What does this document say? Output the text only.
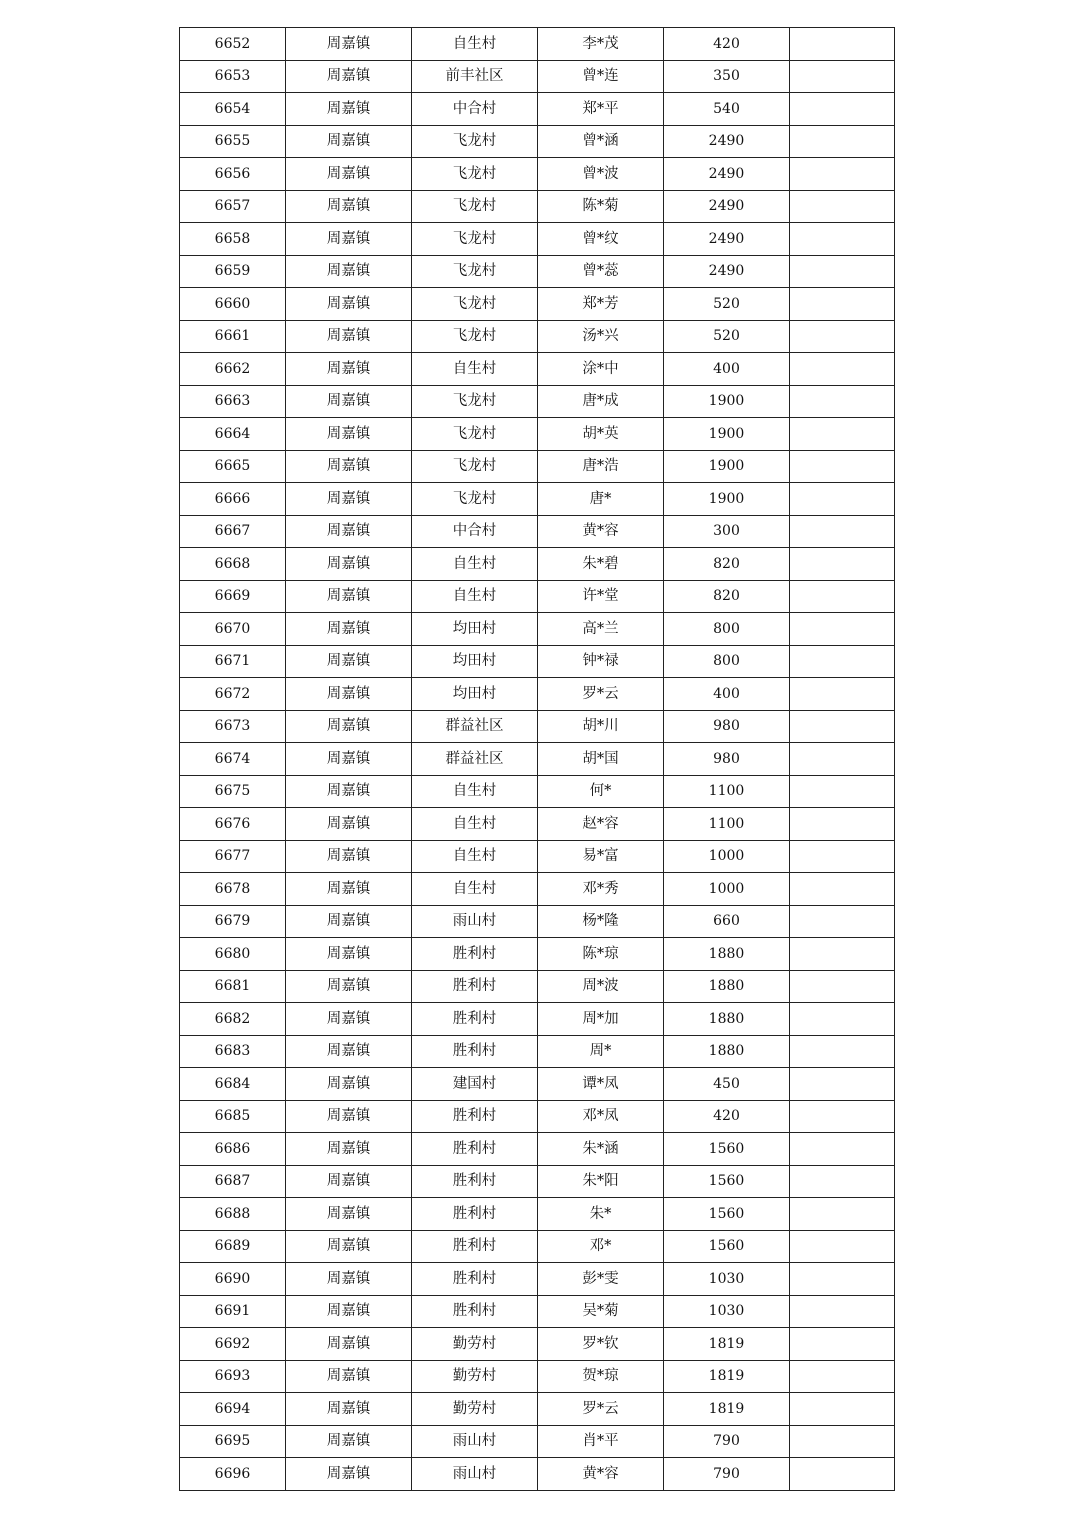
6652	周嘉镇	自生村	李*茂	420	
6653	周嘉镇	前丰社区	曾*连	350	
6654	周嘉镇	中合村	郑*平	540	
6655	周嘉镇	飞龙村	曾*涵	2490	
6656	周嘉镇	飞龙村	曾*波	2490	
6657	周嘉镇	飞龙村	陈*菊	2490	
6658	周嘉镇	飞龙村	曾*纹	2490	
6659	周嘉镇	飞龙村	曾*蕊	2490	
6660	周嘉镇	飞龙村	郑*芳	520	
6661	周嘉镇	飞龙村	汤*兴	520	
6662	周嘉镇	自生村	涂*中	400	
6663	周嘉镇	飞龙村	唐*成	1900	
6664	周嘉镇	飞龙村	胡*英	1900	
6665	周嘉镇	飞龙村	唐*浩	1900	
6666	周嘉镇	飞龙村	唐*	1900	
6667	周嘉镇	中合村	黄*容	300	
6668	周嘉镇	自生村	朱*碧	820	
6669	周嘉镇	自生村	许*堂	820	
6670	周嘉镇	均田村	高*兰	800	
6671	周嘉镇	均田村	钟*禄	800	
6672	周嘉镇	均田村	罗*云	400	
6673	周嘉镇	群益社区	胡*川	980	
6674	周嘉镇	群益社区	胡*国	980	
6675	周嘉镇	自生村	何*	1100	
6676	周嘉镇	自生村	赵*容	1100	
6677	周嘉镇	自生村	易*富	1000	
6678	周嘉镇	自生村	邓*秀	1000	
6679	周嘉镇	雨山村	杨*隆	660	
6680	周嘉镇	胜利村	陈*琼	1880	
6681	周嘉镇	胜利村	周*波	1880	
6682	周嘉镇	胜利村	周*加	1880	
6683	周嘉镇	胜利村	周*	1880	
6684	周嘉镇	建国村	谭*凤	450	
6685	周嘉镇	胜利村	邓*凤	420	
6686	周嘉镇	胜利村	朱*涵	1560	
6687	周嘉镇	胜利村	朱*阳	1560	
6688	周嘉镇	胜利村	朱*	1560	
6689	周嘉镇	胜利村	邓*	1560	
6690	周嘉镇	胜利村	彭*雯	1030	
6691	周嘉镇	胜利村	吴*菊	1030	
6692	周嘉镇	勤劳村	罗*钦	1819	
6693	周嘉镇	勤劳村	贺*琼	1819	
6694	周嘉镇	勤劳村	罗*云	1819	
6695	周嘉镇	雨山村	肖*平	790	
6696	周嘉镇	雨山村	黄*容	790	
